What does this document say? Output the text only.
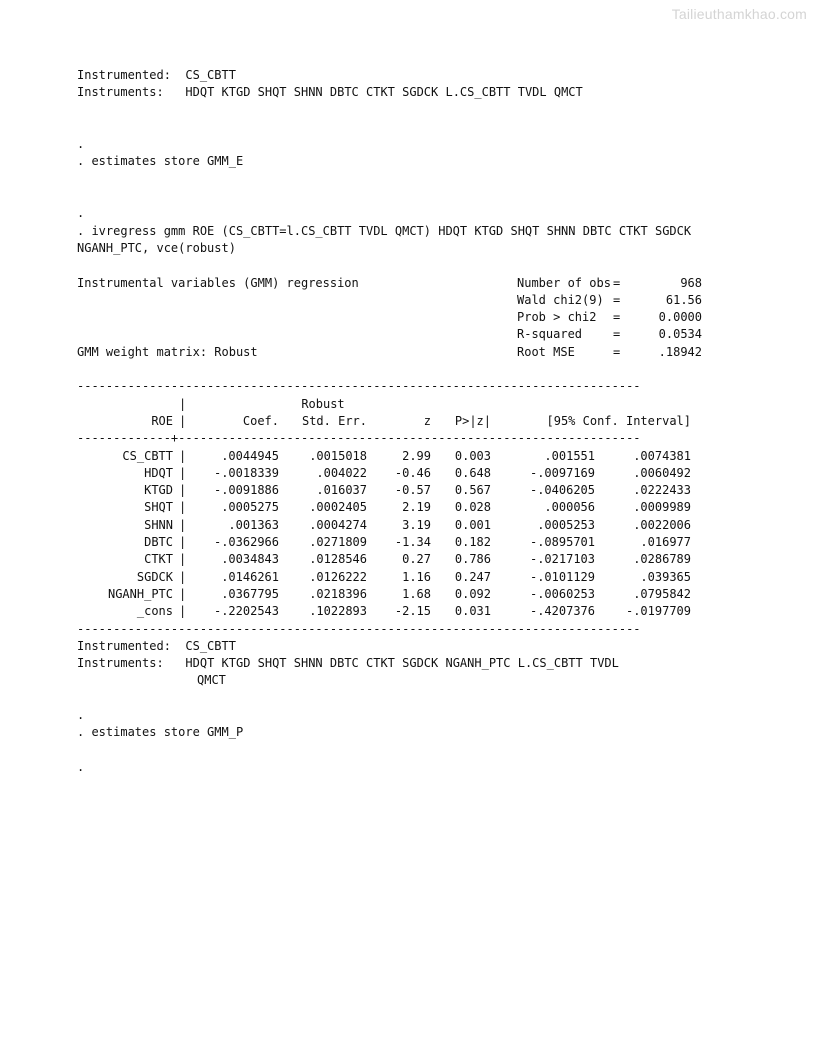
Tailieuthamkhao.com
Instrumented: CS_CBTT
Instruments: HDQT KTGD SHQT SHNN DBTC CTKT SGDCK L.CS_CBTT TVDL QMCT
.
. estimates store GMM_E
.
. ivregress gmm ROE (CS_CBTT=l.CS_CBTT TVDL QMCT) HDQT KTGD SHQT SHNN DBTC CTKT SGDCK
NGANH_PTC, vce(robust)
Instrumental variables (GMM) regression	Number of obs =	968
Wald chi2(9) =	61.56
Prob > chi2	=	0.0000
R-squared	=	0.0534
GMM weight matrix: Robust	Root MSE	=	.18942
------------------------------------------------------------------------------
	|		Robust				
ROE	|	Coef.	Std. Err.	z	P>|z|	[95% Conf. Interval]	
-------------+----------------------------------------------------------------
CS_CBTT	|	.0044945	.0015018	2.99	0.003	.001551	.0074381
HDQT	|	-.0018339	.004022	-0.46	0.648	-.0097169	.0060492
KTGD	|	-.0091886	.016037	-0.57	0.567	-.0406205	.0222433
SHQT	|	.0005275	.0002405	2.19	0.028	.000056	.0009989
SHNN	|	.001363	.0004274	3.19	0.001	.0005253	.0022006
DBTC	|	-.0362966	.0271809	-1.34	0.182	-.0895701	.016977
CTKT	|	.0034843	.0128546	0.27	0.786	-.0217103	.0286789
SGDCK	|	.0146261	.0126222	1.16	0.247	-.0101129	.039365
NGANH_PTC	|	.0367795	.0218396	1.68	0.092	-.0060253	.0795842
_cons	|	-.2202543	.1022893	-2.15	0.031	-.4207376	-.0197709
------------------------------------------------------------------------------
Instrumented: CS_CBTT
Instruments: HDQT KTGD SHQT SHNN DBTC CTKT SGDCK NGANH_PTC L.CS_CBTT TVDL
QMCT
.
. estimates store GMM_P
.
